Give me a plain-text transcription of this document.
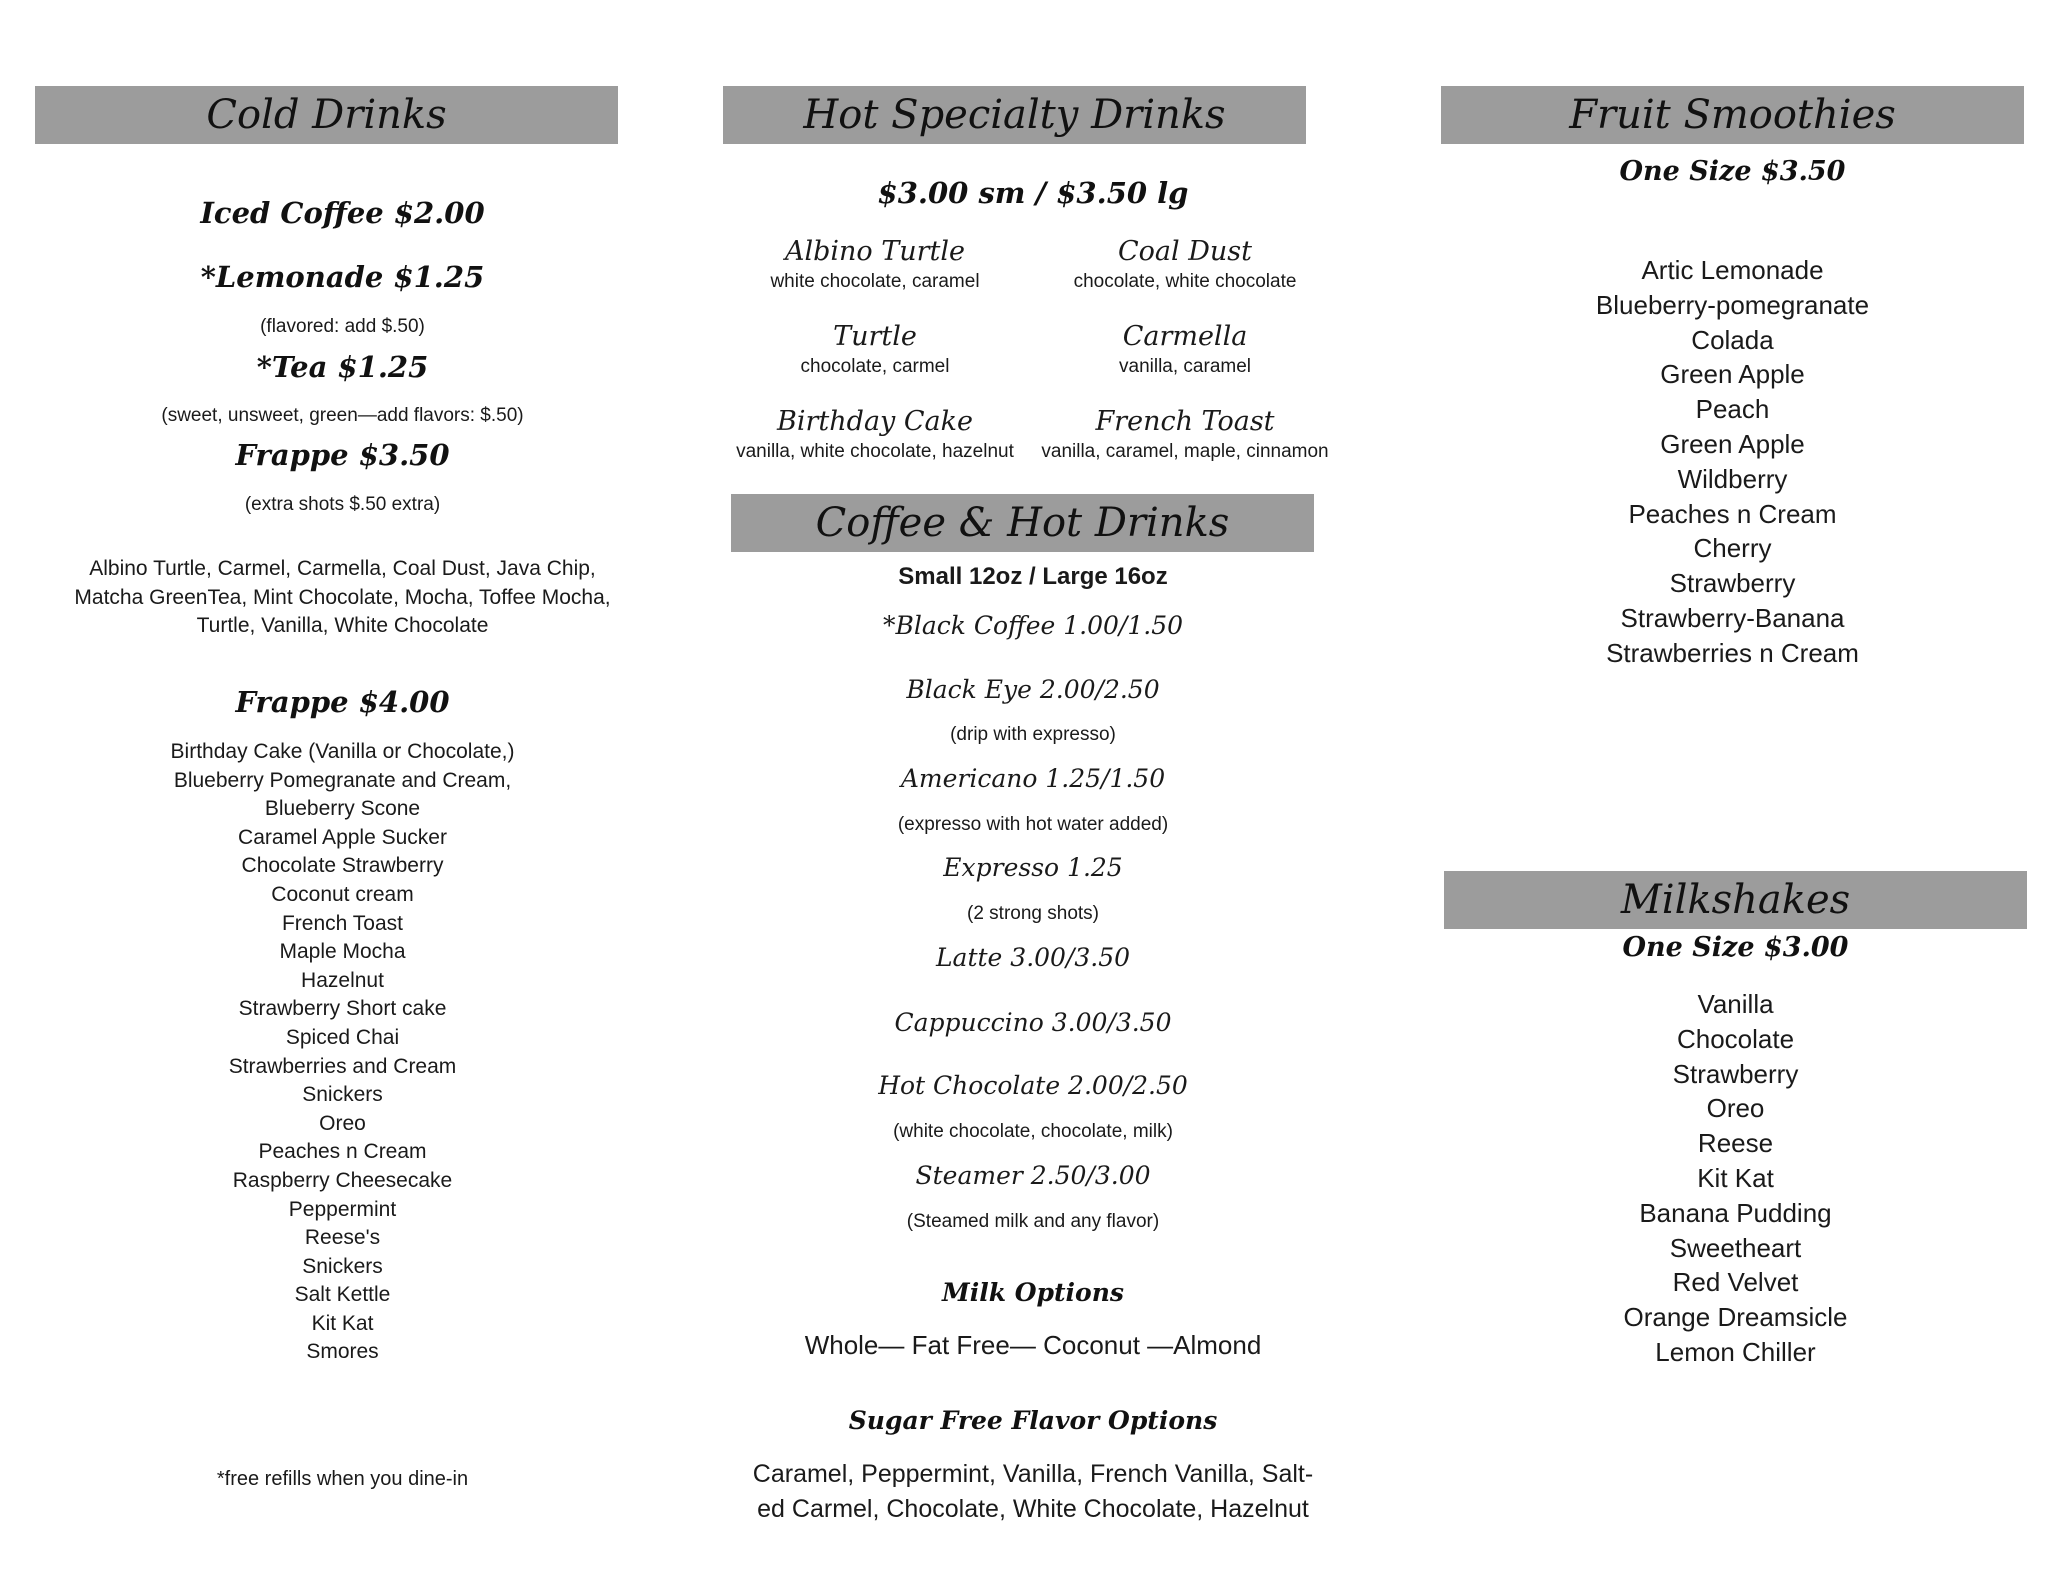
Cold Drinks
Iced Coffee $2.00
*Lemonade $1.25
(flavored: add $.50)
*Tea $1.25
(sweet, unsweet, green—add flavors: $.50)
Frappe $3.50
(extra shots $.50 extra)
Albino Turtle, Carmel, Carmella, Coal Dust, Java Chip,
Matcha GreenTea, Mint Chocolate, Mocha, Toffee Mocha,
Turtle, Vanilla, White Chocolate
Frappe $4.00
Birthday Cake (Vanilla or Chocolate,)
Blueberry Pomegranate and Cream,
Blueberry Scone
Caramel Apple Sucker
Chocolate Strawberry
Coconut cream
French Toast
Maple Mocha
Hazelnut
Strawberry Short cake
Spiced Chai
Strawberries and Cream
Snickers
Oreo
Peaches n Cream
Raspberry Cheesecake
Peppermint
Reese's
Snickers
Salt Kettle
Kit Kat
Smores
*free refills when you dine-in
Hot Specialty Drinks
$3.00 sm / $3.50 lg
Albino Turtle
white chocolate, caramel
Coal Dust
chocolate, white chocolate
Turtle
chocolate, carmel
Carmella
vanilla, caramel
Birthday Cake
vanilla, white chocolate, hazelnut
French Toast
vanilla, caramel, maple, cinnamon
Coffee & Hot Drinks
Small 12oz / Large 16oz
*Black Coffee 1.00/1.50
Black Eye 2.00/2.50
(drip with expresso)
Americano 1.25/1.50
(expresso with hot water added)
Expresso 1.25
(2 strong shots)
Latte 3.00/3.50
Cappuccino 3.00/3.50
Hot Chocolate 2.00/2.50
(white chocolate, chocolate, milk)
Steamer 2.50/3.00
(Steamed milk and any flavor)
Milk Options
Whole— Fat Free— Coconut —Almond
Sugar Free Flavor Options
Caramel, Peppermint, Vanilla, French Vanilla, Salt-
ed Carmel, Chocolate, White Chocolate, Hazelnut
Fruit Smoothies
One Size $3.50
Artic Lemonade
Blueberry-pomegranate
Colada
Green Apple
Peach
Green Apple
Wildberry
Peaches n Cream
Cherry
Strawberry
Strawberry-Banana
Strawberries n Cream
Milkshakes
One Size $3.00
Vanilla
Chocolate
Strawberry
Oreo
Reese
Kit Kat
Banana Pudding
Sweetheart
Red Velvet
Orange Dreamsicle
Lemon Chiller
